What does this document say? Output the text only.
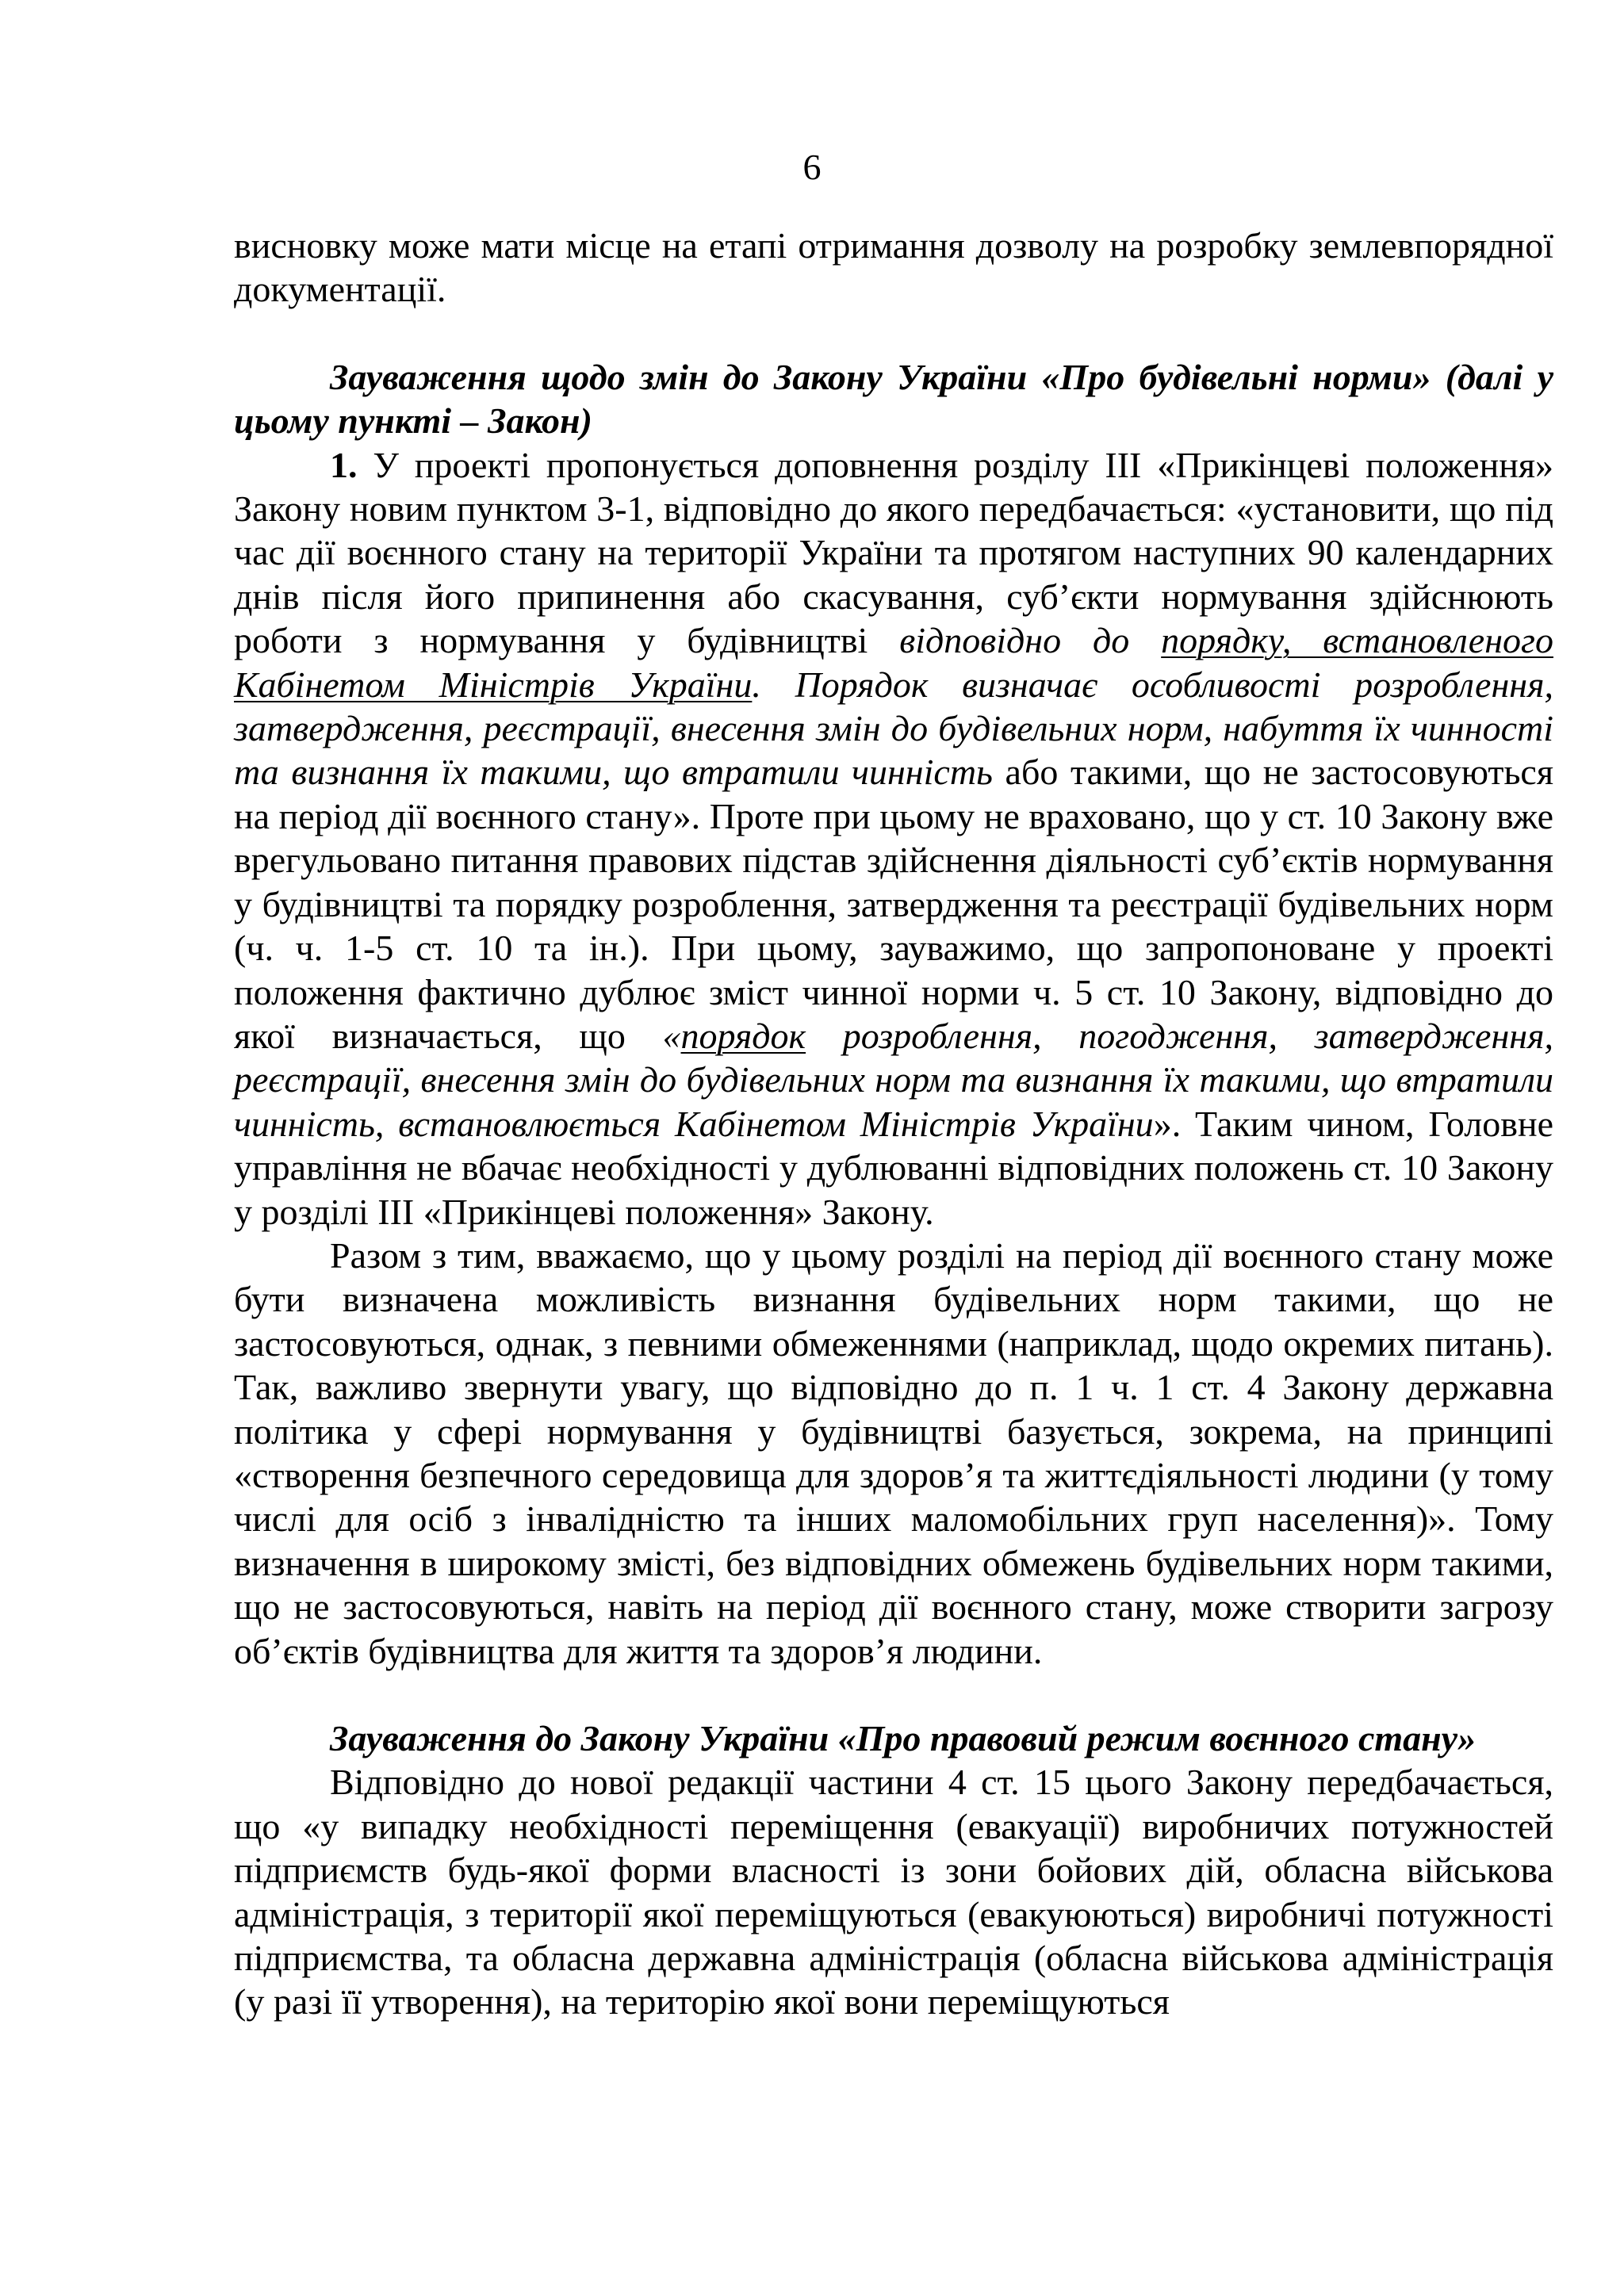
6

висновку може мати місце на етапі отримання дозволу на розробку землевпорядної документації.

Зауваження щодо змін до Закону України «Про будівельні норми» (далі у цьому пункті – Закон)

1. У проекті пропонується доповнення розділу III «Прикінцеві положення» Закону новим пунктом 3-1, відповідно до якого передбачається: «установити, що під час дії воєнного стану на території України та протягом наступних 90 календарних днів після його припинення або скасування, суб’єкти нормування здійснюють роботи з нормування у будівництві відповідно до порядку, встановленого Кабінетом Міністрів України. Порядок визначає особливості розроблення, затвердження, реєстрації, внесення змін до будівельних норм, набуття їх чинності та визнання їх такими, що втратили чинність або такими, що не застосовуються на період дії воєнного стану». Проте при цьому не враховано, що у ст. 10 Закону вже врегульовано питання правових підстав здійснення діяльності суб’єктів нормування у будівництві та порядку розроблення, затвердження та реєстрації будівельних норм (ч. ч. 1-5 ст. 10 та ін.). При цьому, зауважимо, що запропоноване у проекті положення фактично дублює зміст чинної норми ч. 5 ст. 10 Закону, відповідно до якої визначається, що «порядок розроблення, погодження, затвердження, реєстрації, внесення змін до будівельних норм та визнання їх такими, що втратили чинність, встановлюється Кабінетом Міністрів України». Таким чином, Головне управління не вбачає необхідності у дублюванні відповідних положень ст. 10 Закону у розділі III «Прикінцеві положення» Закону.

Разом з тим, вважаємо, що у цьому розділі на період дії воєнного стану може бути визначена можливість визнання будівельних норм такими, що не застосовуються, однак, з певними обмеженнями (наприклад, щодо окремих питань). Так, важливо звернути увагу, що відповідно до п. 1 ч. 1 ст. 4 Закону державна політика у сфері нормування у будівництві базується, зокрема, на принципі «створення безпечного середовища для здоров’я та життєдіяльності людини (у тому числі для осіб з інвалідністю та інших маломобільних груп населення)». Тому визначення в широкому змісті, без відповідних обмежень будівельних норм такими, що не застосовуються, навіть на період дії воєнного стану, може створити загрозу об’єктів будівництва для життя та здоров’я людини.

Зауваження до Закону України «Про правовий режим воєнного стану»

Відповідно до нової редакції частини 4 ст. 15 цього Закону передбачається, що «у випадку необхідності переміщення (евакуації) виробничих потужностей підприємств будь-якої форми власності із зони бойових дій, обласна військова адміністрація, з території якої переміщуються (евакуюються) виробничі потужності підприємства, та обласна державна адміністрація (обласна військова адміністрація (у разі її утворення), на територію якої вони переміщуються
